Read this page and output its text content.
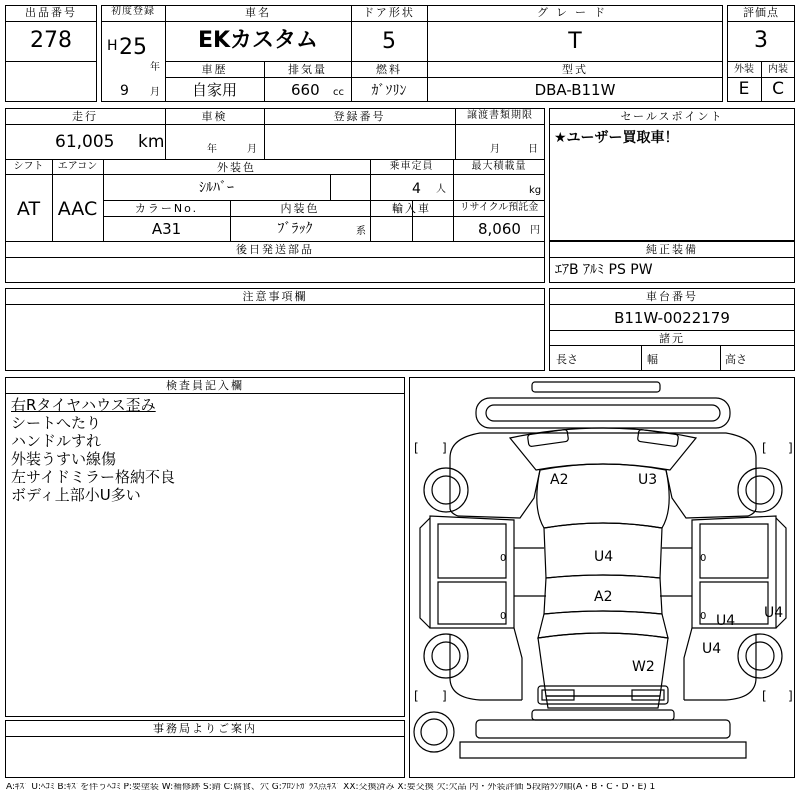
出品番号
278
初度登録
H 25
年
9 月
車名
EKカスタム
ドア形状
5
グレード
T
車歴
自家用
排気量
660 cc
燃料
ｶﾞｿﾘﾝ
型式
DBA-B11W
評価点
3
外装	内装
E	C
走行
61,005 km
車検
年	月
登録番号	譲渡書類期限
月	日
シフト
AT
エアコン
AAC
外装色
ｼﾙﾊﾞｰ
乗車定員
4 人
最大積載量
kg
カラーNo.
A31
内装色
ﾌﾞﾗｯｸ	系
輸入車	リサイクル預託金
8,060 円
後日発送部品
セールスポイント
★ユーザー買取車！
純正装備
ｴｱB ｱﾙﾐ PS PW
注意事項欄	車台番号
B11W-0022179
諸元
長さ	幅	高さ
検査員記入欄
右Rタイヤハウス歪み
シートへたり
ハンドルすれ
外装うすい線傷
左サイドミラー格納不良
ボディ上部小U多い
事務局よりご案内
[ ]	[ ]
[ ]	[ ]
0
0
0
0
A2	U3
U4
A2
U4 U4
U4
W2
A:ｷｽﾞ U:ﾍｺﾐ B:ｷｽﾞを伴うﾍｺﾐ P:要塗装 W:補修跡 S:錆 C:腐食、穴 G:ﾌﾛﾝﾄｶﾞﾗｽ点ｷｽﾞ XX:交換済み X:要交換 欠:欠品 内・外装評価 5段階ﾗﾝｸ順(A・B・C・D・E) 1
